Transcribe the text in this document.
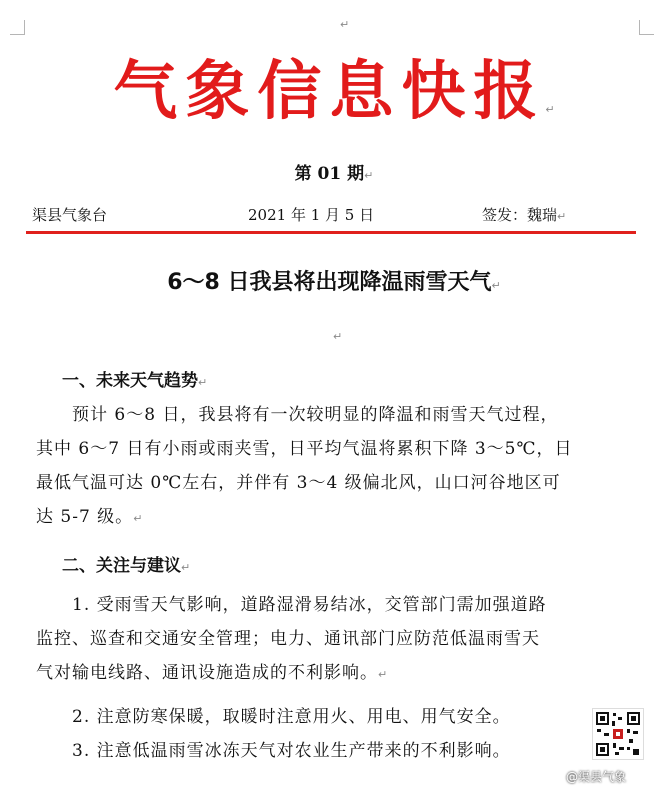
↵
气象信息快报↵
第 01 期↵
渠县气象台	2021 年 1 月 5 日	签发：魏瑞↵
6～8 日我县将出现降温雨雪天气↵
↵
一、未来天气趋势↵
预计 6～8 日，我县将有一次较明显的降温和雨雪天气过程，
其中 6～7 日有小雨或雨夹雪，日平均气温将累积下降 3～5℃，日
最低气温可达 0℃左右，并伴有 3～4 级偏北风，山口河谷地区可
达 5-7 级。↵
二、关注与建议↵
1. 受雨雪天气影响，道路湿滑易结冰，交管部门需加强道路
监控、巡查和交通安全管理；电力、通讯部门应防范低温雨雪天
气对输电线路、通讯设施造成的不利影响。↵
2. 注意防寒保暖，取暖时注意用火、用电、用气安全。
3. 注意低温雨雪冰冻天气对农业生产带来的不利影响。
@渠县气象
